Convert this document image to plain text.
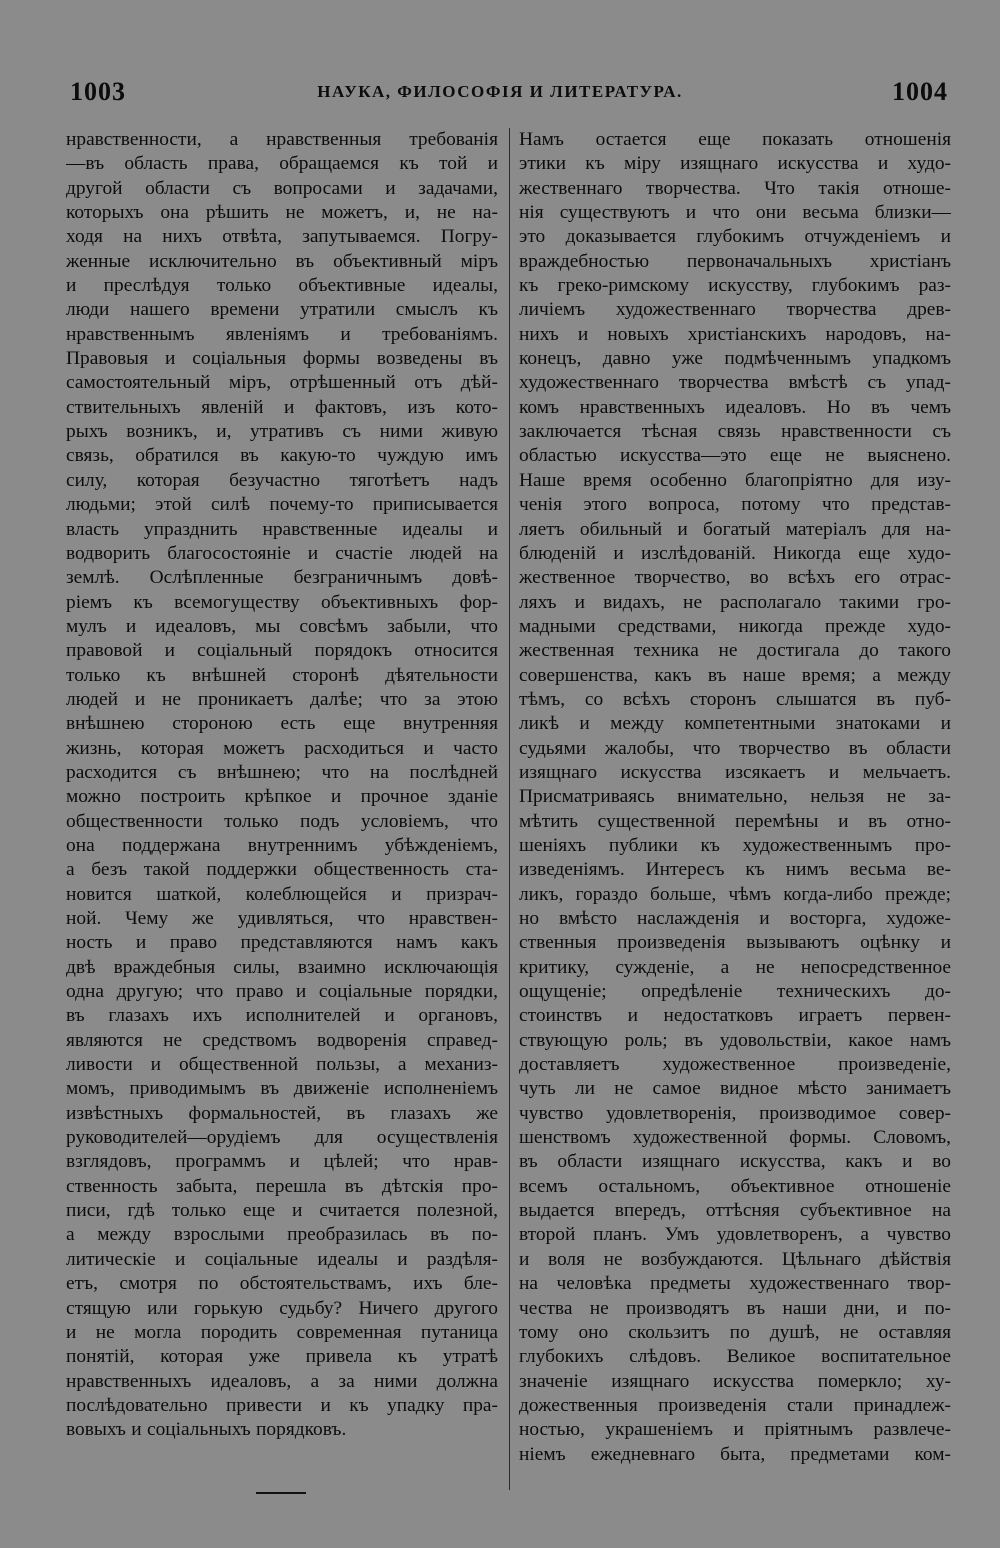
1003	НАУКА, ФИЛОСОФІЯ И ЛИТЕРАТУРА.	1004
нравственности, а нравственныя требованія
—въ область права, обращаемся къ той и
другой области съ вопросами и задачами,
которыхъ она рѣшить не можетъ, и, не на-
ходя на нихъ отвѣта, запутываемся. Погру-
женные исключительно въ объективный міръ
и преслѣдуя только объективные идеалы,
люди нашего времени утратили смыслъ къ
нравственнымъ явленіямъ и требованіямъ.
Правовыя и соціальныя формы возведены въ
самостоятельный міръ, отрѣшенный отъ дѣй-
ствительныхъ явленій и фактовъ, изъ кото-
рыхъ возникъ, и, утративъ съ ними живую
связь, обратился въ какую-то чуждую имъ
силу, которая безучастно тяготѣетъ надъ
людьми; этой силѣ почему-то приписывается
власть упразднить нравственные идеалы и
водворить благосостояніе и счастіе людей на
землѣ. Ослѣпленные безграничнымъ довѣ-
ріемъ къ всемогуществу объективныхъ фор-
мулъ и идеаловъ, мы совсѣмъ забыли, что
правовой и соціальный порядокъ относится
только къ внѣшней сторонѣ дѣятельности
людей и не проникаетъ далѣе; что за этою
внѣшнею стороною есть еще внутренняя
жизнь, которая можетъ расходиться и часто
расходится съ внѣшнею; что на послѣдней
можно построить крѣпкое и прочное зданіе
общественности только подъ условіемъ, что
она поддержана внутреннимъ убѣжденіемъ,
а безъ такой поддержки общественность ста-
новится шаткой, колеблющейся и призрач-
ной. Чему же удивляться, что нравствен-
ность и право представляются намъ какъ
двѣ враждебныя силы, взаимно исключающія
одна другую; что право и соціальные порядки,
въ глазахъ ихъ исполнителей и органовъ,
являются не средствомъ водворенія справед-
ливости и общественной пользы, а механиз-
момъ, приводимымъ въ движеніе исполненіемъ
извѣстныхъ формальностей, въ глазахъ же
руководителей—орудіемъ для осуществленія
взглядовъ, программъ и цѣлей; что нрав-
ственность забыта, перешла въ дѣтскія про-
писи, гдѣ только еще и считается полезной,
а между взрослыми преобразилась въ по-
литическіе и соціальные идеалы и раздѣля-
етъ, смотря по обстоятельствамъ, ихъ бле-
стящую или горькую судьбу? Ничего другого
и не могла породить современная путаница
понятій, которая уже привела къ утратѣ
нравственныхъ идеаловъ, а за ними должна
послѣдовательно привести и къ упадку пра-
вовыхъ и соціальныхъ порядковъ.
Намъ остается еще показать отношенія
этики къ міру изящнаго искусства и худо-
жественнаго творчества. Что такія отноше-
нія существуютъ и что они весьма близки—
это доказывается глубокимъ отчужденіемъ и
враждебностью первоначальныхъ христіанъ
къ греко-римскому искусству, глубокимъ раз-
личіемъ художественнаго творчества древ-
нихъ и новыхъ христіанскихъ народовъ, на-
конецъ, давно уже подмѣченнымъ упадкомъ
художественнаго творчества вмѣстѣ съ упад-
комъ нравственныхъ идеаловъ. Но въ чемъ
заключается тѣсная связь нравственности съ
областью искусства—это еще не выяснено.
Наше время особенно благопріятно для изу-
ченія этого вопроса, потому что представ-
ляетъ обильный и богатый матеріалъ для на-
блюденій и изслѣдованій. Никогда еще худо-
жественное творчество, во всѣхъ его отрас-
ляхъ и видахъ, не располагало такими гро-
мадными средствами, никогда прежде худо-
жественная техника не достигала до такого
совершенства, какъ въ наше время; а между
тѣмъ, со всѣхъ сторонъ слышатся въ пуб-
ликѣ и между компетентными знатоками и
судьями жалобы, что творчество въ области
изящнаго искусства изсякаетъ и мельчаетъ.
Присматриваясь внимательно, нельзя не за-
мѣтить существенной перемѣны и въ отно-
шеніяхъ публики къ художественнымъ про-
изведеніямъ. Интересъ къ нимъ весьма ве-
ликъ, гораздо больше, чѣмъ когда-либо прежде;
но вмѣсто наслажденія и восторга, художе-
ственныя произведенія вызываютъ оцѣнку и
критику, сужденіе, а не непосредственное
ощущеніе; опредѣленіе техническихъ до-
стоинствъ и недостатковъ играетъ первен-
ствующую роль; въ удовольствіи, какое намъ
доставляетъ художественное произведеніе,
чуть ли не самое видное мѣсто занимаетъ
чувство удовлетворенія, производимое совер-
шенствомъ художественной формы. Словомъ,
въ области изящнаго искусства, какъ и во
всемъ остальномъ, объективное отношеніе
выдается впередъ, оттѣсняя субъективное на
второй планъ. Умъ удовлетворенъ, а чувство
и воля не возбуждаются. Цѣльнаго дѣйствія
на человѣка предметы художественнаго твор-
чества не производятъ въ наши дни, и по-
тому оно скользитъ по душѣ, не оставляя
глубокихъ слѣдовъ. Великое воспитательное
значеніе изящнаго искусства померкло; ху-
дожественныя произведенія стали принадлеж-
ностью, украшеніемъ и пріятнымъ развлече-
ніемъ ежедневнаго быта, предметами ком-
